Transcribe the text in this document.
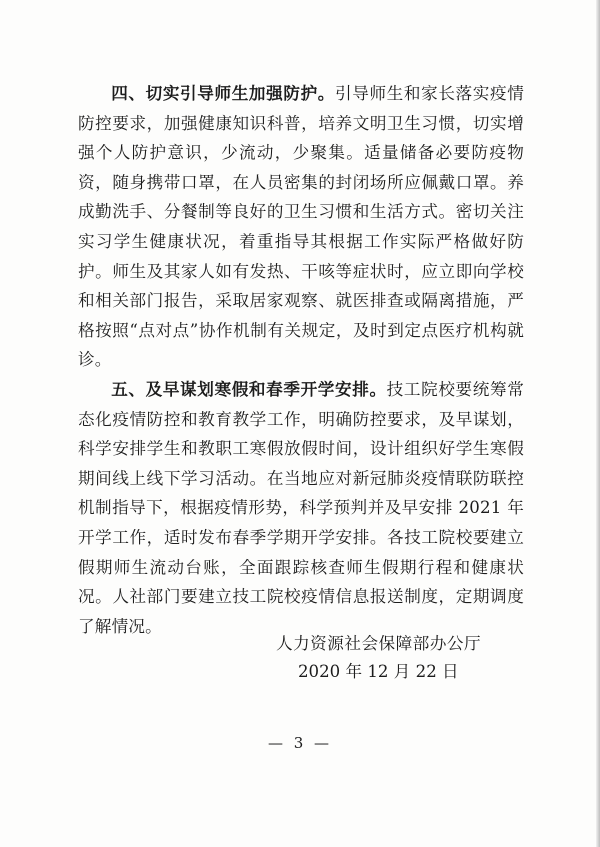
四、切实引导师生加强防护。引导师生和家长落实疫情防控要求，加强健康知识科普，培养文明卫生习惯，切实增强个人防护意识，少流动，少聚集。适量储备必要防疫物资，随身携带口罩，在人员密集的封闭场所应佩戴口罩。养成勤洗手、分餐制等良好的卫生习惯和生活方式。密切关注实习学生健康状况，着重指导其根据工作实际严格做好防护。师生及其家人如有发热、干咳等症状时，应立即向学校和相关部门报告，采取居家观察、就医排查或隔离措施，严格按照“点对点”协作机制有关规定，及时到定点医疗机构就诊。

五、及早谋划寒假和春季开学安排。技工院校要统筹常态化疫情防控和教育教学工作，明确防控要求，及早谋划，科学安排学生和教职工寒假放假时间，设计组织好学生寒假期间线上线下学习活动。在当地应对新冠肺炎疫情联防联控机制指导下，根据疫情形势，科学预判并及早安排 2021 年开学工作，适时发布春季学期开学安排。各技工院校要建立假期师生流动台账，全面跟踪核查师生假期行程和健康状况。人社部门要建立技工院校疫情信息报送制度，定期调度了解情况。

人力资源社会保障部办公厅
2020 年 12 月 22 日
— 3 —
